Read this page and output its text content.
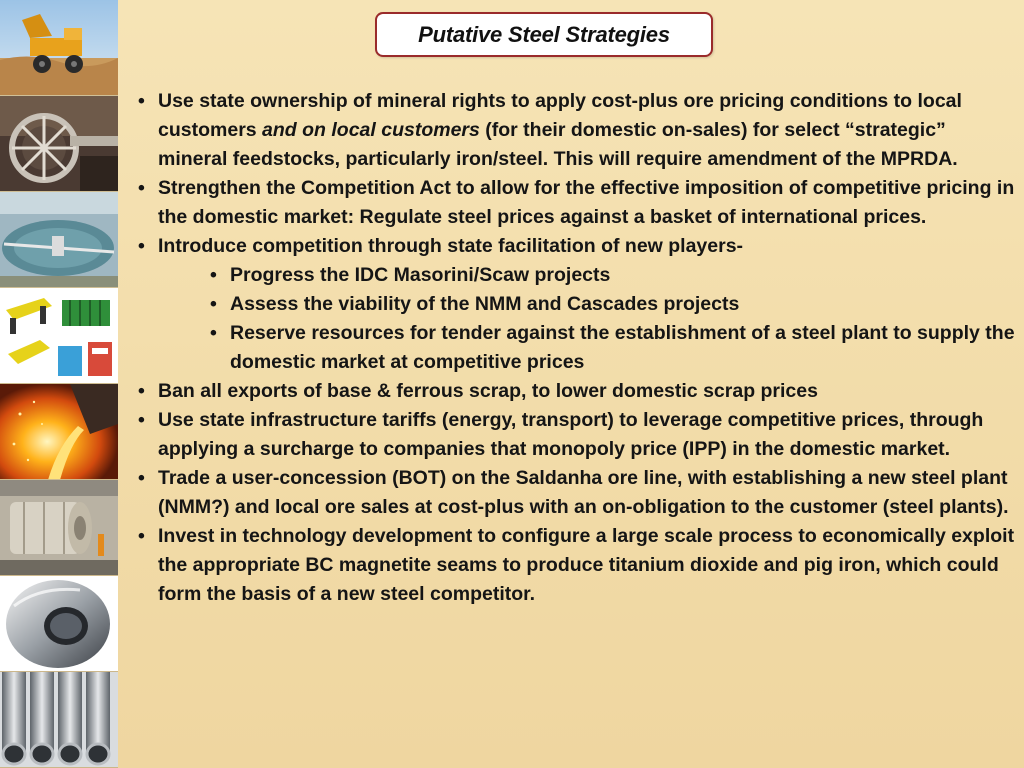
Putative Steel Strategies
• Use state ownership of mineral rights to apply cost-plus ore pricing conditions to local customers and on local customers (for their domestic on-sales) for select “strategic” mineral feedstocks, particularly iron/steel. This will require amendment of the MPRDA.
• Strengthen the Competition Act to allow for the effective imposition of competitive pricing in the domestic market: Regulate steel prices against a basket of international prices.
• Introduce competition through state facilitation of new players-
• Progress the IDC Masorini/Scaw projects
• Assess the viability of the NMM and Cascades projects
• Reserve resources for tender against the establishment of a steel plant to supply the domestic market at competitive prices
• Ban all exports of base & ferrous scrap, to lower domestic scrap prices
• Use state infrastructure tariffs (energy, transport) to leverage competitive prices, through applying a surcharge to companies that monopoly price (IPP) in the domestic market.
• Trade a user-concession (BOT) on the Saldanha ore line, with establishing a new steel plant (NMM?) and local ore sales at cost-plus with an on-obligation to the customer (steel plants).
• Invest in technology development to configure a large scale process to economically exploit the appropriate BC magnetite seams to produce titanium dioxide and pig iron, which could form the basis of a new steel competitor.
